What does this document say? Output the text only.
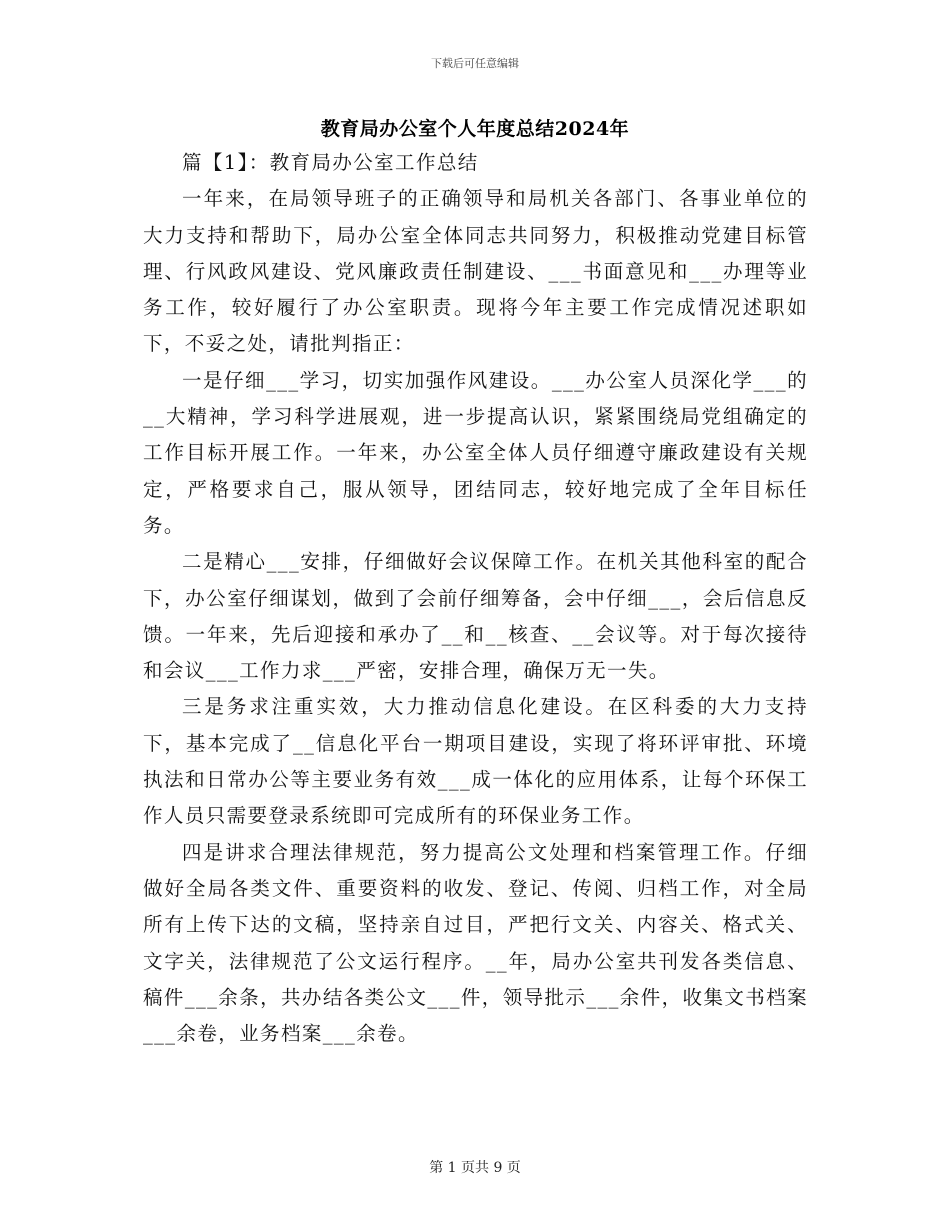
下载后可任意编辑
教育局办公室个人年度总结2024年

篇【1】：教育局办公室工作总结

一年来，在局领导班子的正确领导和局机关各部门、各事业单位的大力支持和帮助下，局办公室全体同志共同努力，积极推动党建目标管理、行风政风建设、党风廉政责任制建设、___书面意见和___办理等业务工作，较好履行了办公室职责。现将今年主要工作完成情况述职如下，不妥之处，请批判指正：

一是仔细___学习，切实加强作风建设。___办公室人员深化学___的__大精神，学习科学进展观，进一步提高认识，紧紧围绕局党组确定的工作目标开展工作。一年来，办公室全体人员仔细遵守廉政建设有关规定，严格要求自己，服从领导，团结同志，较好地完成了全年目标任务。

二是精心___安排，仔细做好会议保障工作。在机关其他科室的配合下，办公室仔细谋划，做到了会前仔细筹备，会中仔细___，会后信息反馈。一年来，先后迎接和承办了__和__核查、__会议等。对于每次接待和会议___工作力求___严密，安排合理，确保万无一失。

三是务求注重实效，大力推动信息化建设。在区科委的大力支持下，基本完成了__信息化平台一期项目建设，实现了将环评审批、环境执法和日常办公等主要业务有效___成一体化的应用体系，让每个环保工作人员只需要登录系统即可完成所有的环保业务工作。

四是讲求合理法律规范，努力提高公文处理和档案管理工作。仔细做好全局各类文件、重要资料的收发、登记、传阅、归档工作，对全局所有上传下达的文稿，坚持亲自过目，严把行文关、内容关、格式关、文字关，法律规范了公文运行程序。__年，局办公室共刊发各类信息、稿件___余条，共办结各类公文___件，领导批示___余件，收集文书档案___余卷，业务档案___余卷。

第 1 页共 9 页
